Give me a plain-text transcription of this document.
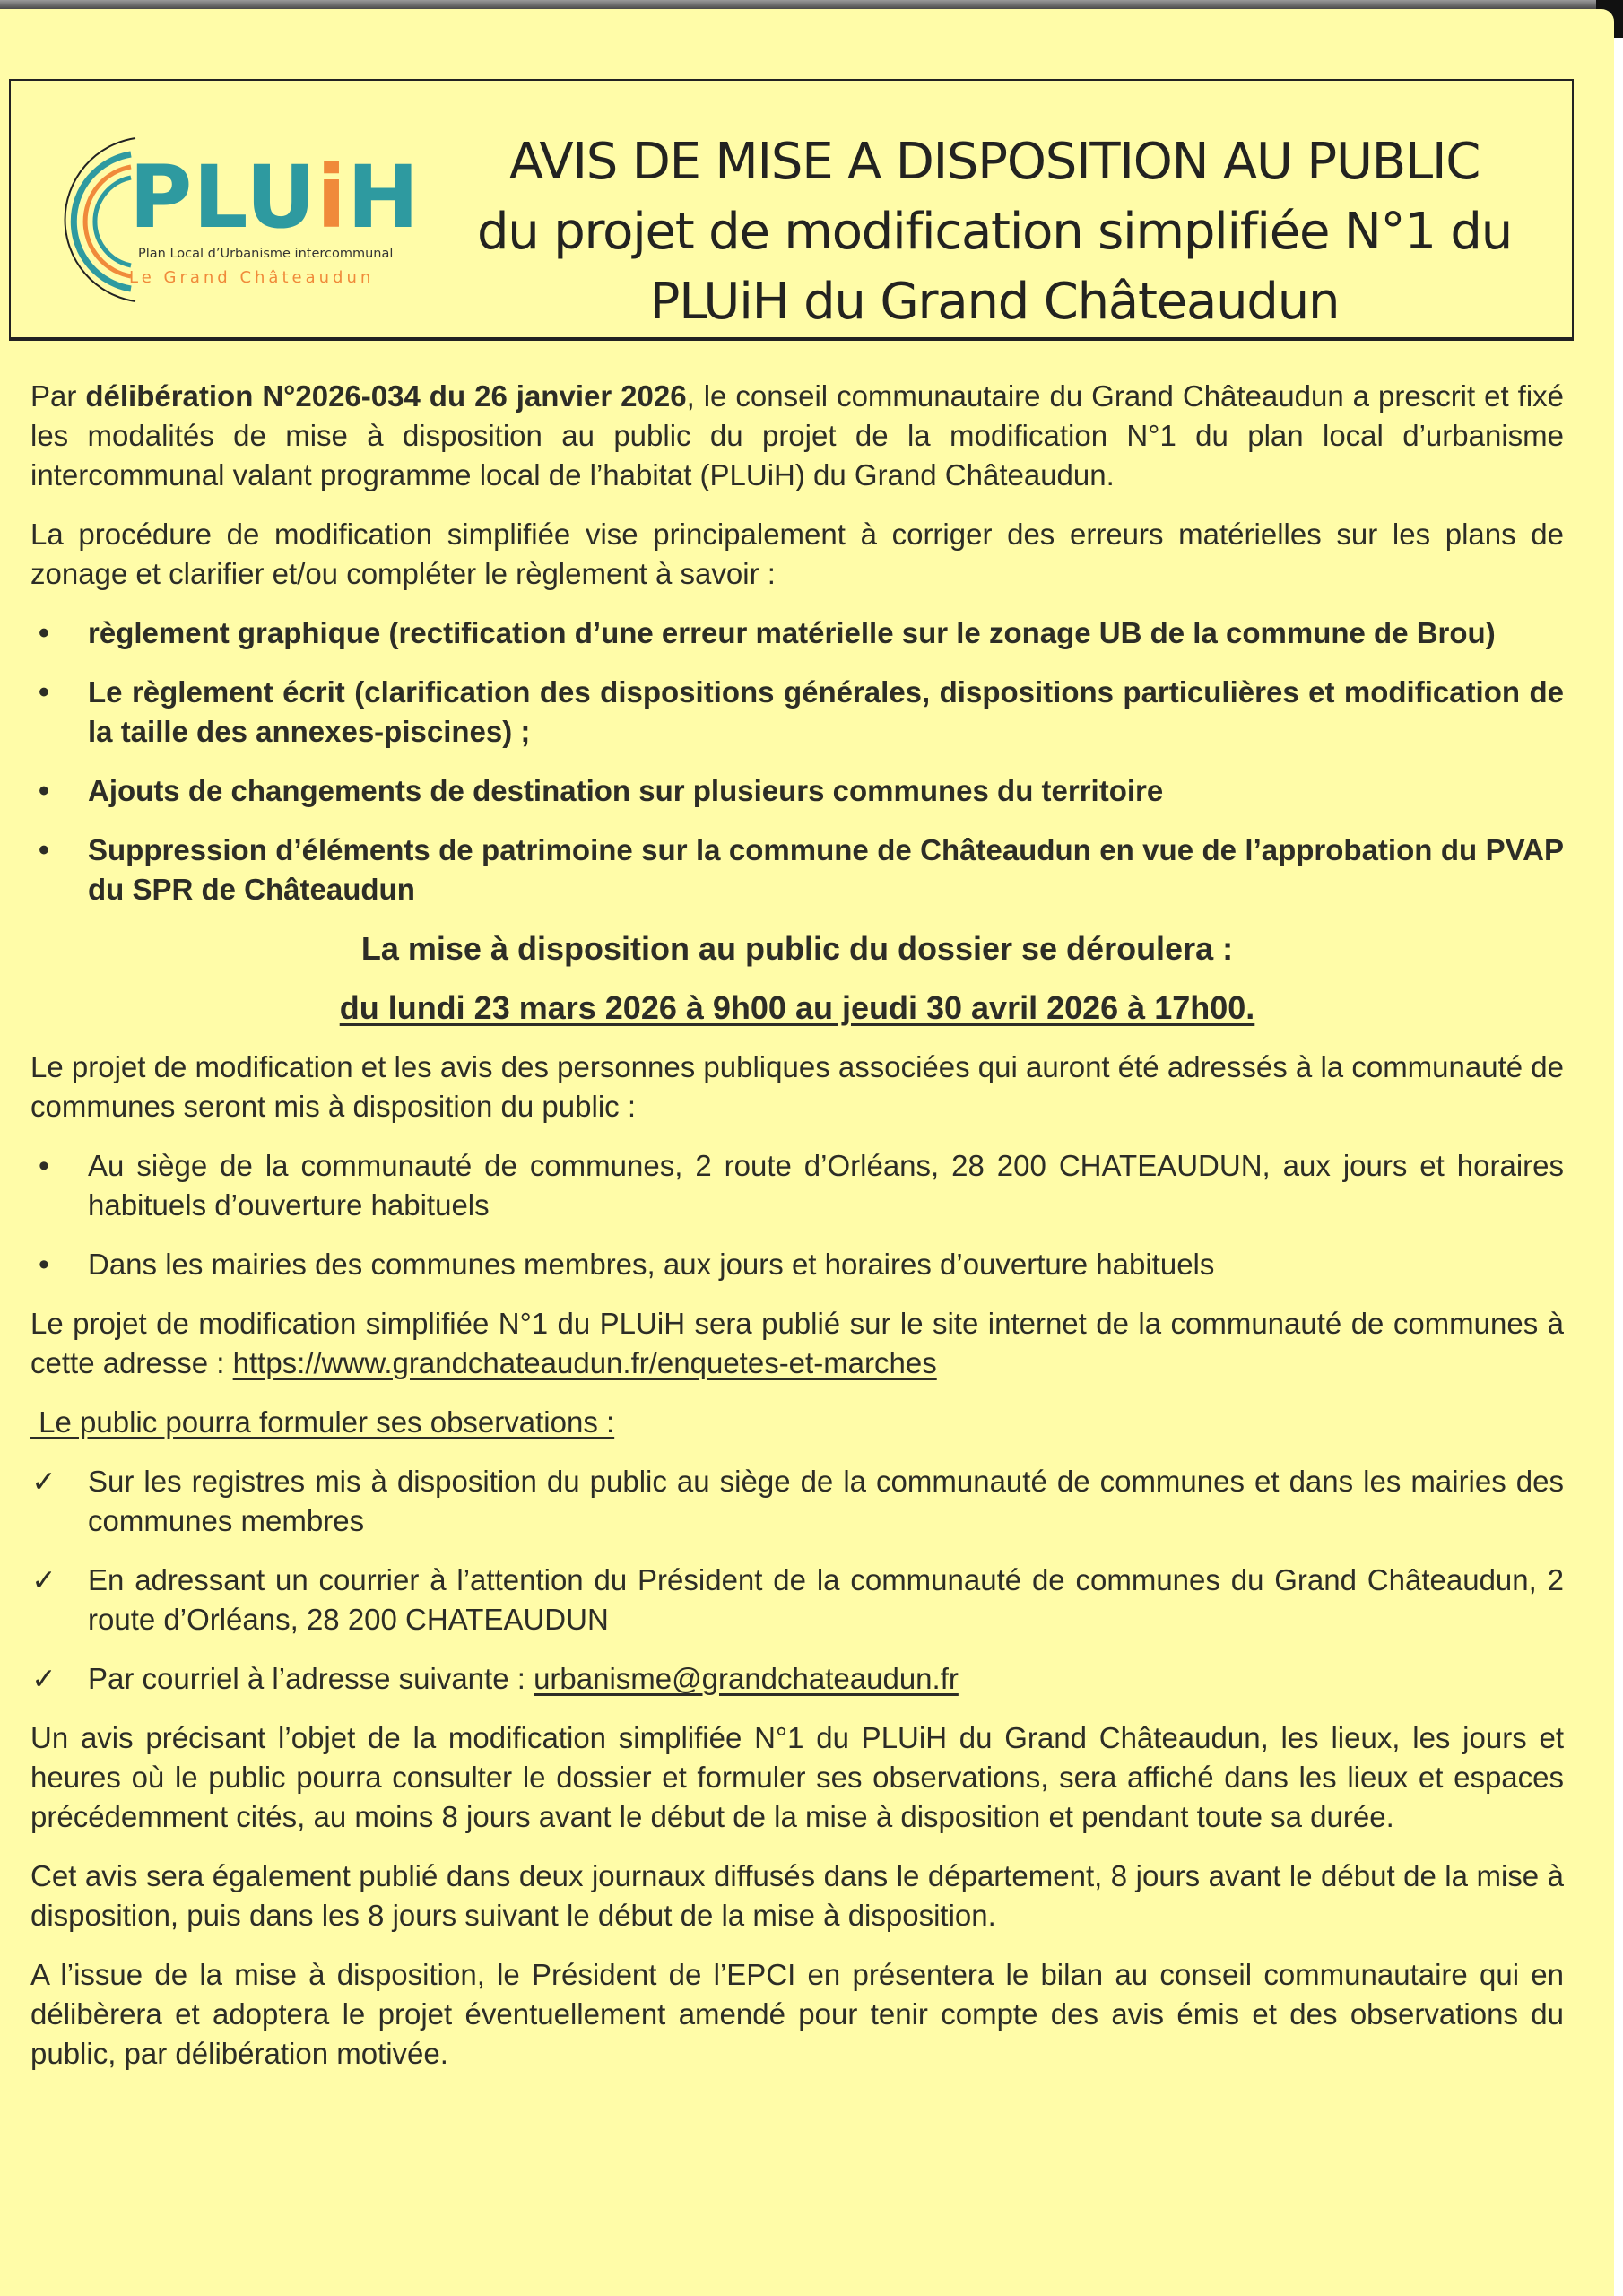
PLUiH
Plan Local d’Urbanisme intercommunal
Le Grand Châteaudun
AVIS DE MISE A DISPOSITION AU PUBLIC
du projet de modification simplifiée N°1 du
PLUiH du Grand Châteaudun

Par délibération N°2026-034 du 26 janvier 2026, le conseil communautaire du Grand Châteaudun a prescrit et fixé les modalités de mise à disposition au public du projet de la modification N°1 du plan local d’urbanisme intercommunal valant programme local de l’habitat (PLUiH) du Grand Châteaudun.

La procédure de modification simplifiée vise principalement à corriger des erreurs matérielles sur les plans de zonage et clarifier et/ou compléter le règlement à savoir :

• règlement graphique (rectification d’une erreur matérielle sur le zonage UB de la commune de Brou)
• Le règlement écrit (clarification des dispositions générales, dispositions particulières et modification de la taille des annexes-piscines) ;
• Ajouts de changements de destination sur plusieurs communes du territoire
• Suppression d’éléments de patrimoine sur la commune de Châteaudun en vue de l’approbation du PVAP du SPR de Châteaudun

La mise à disposition au public du dossier se déroulera :

du lundi 23 mars 2026 à 9h00 au jeudi 30 avril 2026 à 17h00.

Le projet de modification et les avis des personnes publiques associées qui auront été adressés à la communauté de communes seront mis à disposition du public :

• Au siège de la communauté de communes, 2 route d’Orléans, 28 200 CHATEAUDUN, aux jours et horaires habituels d’ouverture habituels
• Dans les mairies des communes membres, aux jours et horaires d’ouverture habituels

Le projet de modification simplifiée N°1 du PLUiH sera publié sur le site internet de la communauté de communes à cette adresse : https://www.grandchateaudun.fr/enquetes-et-marches

Le public pourra formuler ses observations :

✓ Sur les registres mis à disposition du public au siège de la communauté de communes et dans les mairies des communes membres
✓ En adressant un courrier à l’attention du Président de la communauté de communes du Grand Châteaudun, 2 route d’Orléans, 28 200 CHATEAUDUN
✓ Par courriel à l’adresse suivante : urbanisme@grandchateaudun.fr

Un avis précisant l’objet de la modification simplifiée N°1 du PLUiH du Grand Châteaudun, les lieux, les jours et heures où le public pourra consulter le dossier et formuler ses observations, sera affiché dans les lieux et espaces précédemment cités, au moins 8 jours avant le début de la mise à disposition et pendant toute sa durée.

Cet avis sera également publié dans deux journaux diffusés dans le département, 8 jours avant le début de la mise à disposition, puis dans les 8 jours suivant le début de la mise à disposition.

A l’issue de la mise à disposition, le Président de l’EPCI en présentera le bilan au conseil communautaire qui en délibèrera et adoptera le projet éventuellement amendé pour tenir compte des avis émis et des observations du public, par délibération motivée.
